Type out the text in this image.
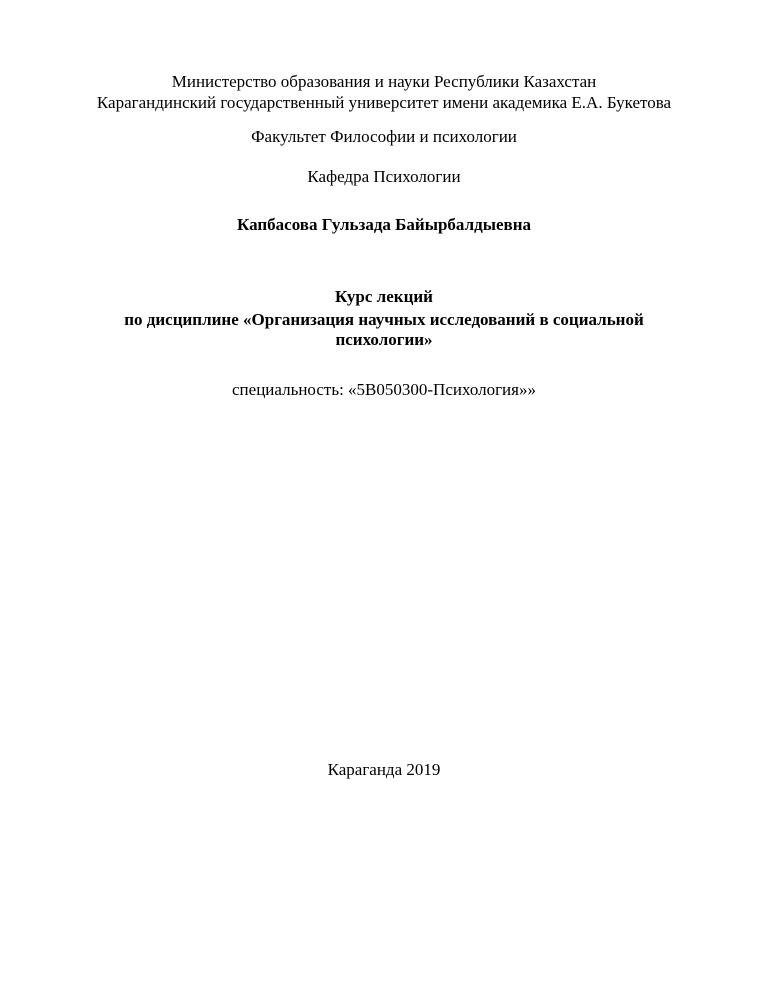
Министерство образования и науки Республики Казахстан
Карагандинский государственный университет имени академика Е.А. Букетова
Факультет Философии и психологии
Кафедра Психологии
Капбасова Гульзада Байырбалдыевна
Курс лекций
по дисциплине «Организация научных исследований в социальной
психологии»
специальность: «5В050300-Психология»»
Караганда 2019
